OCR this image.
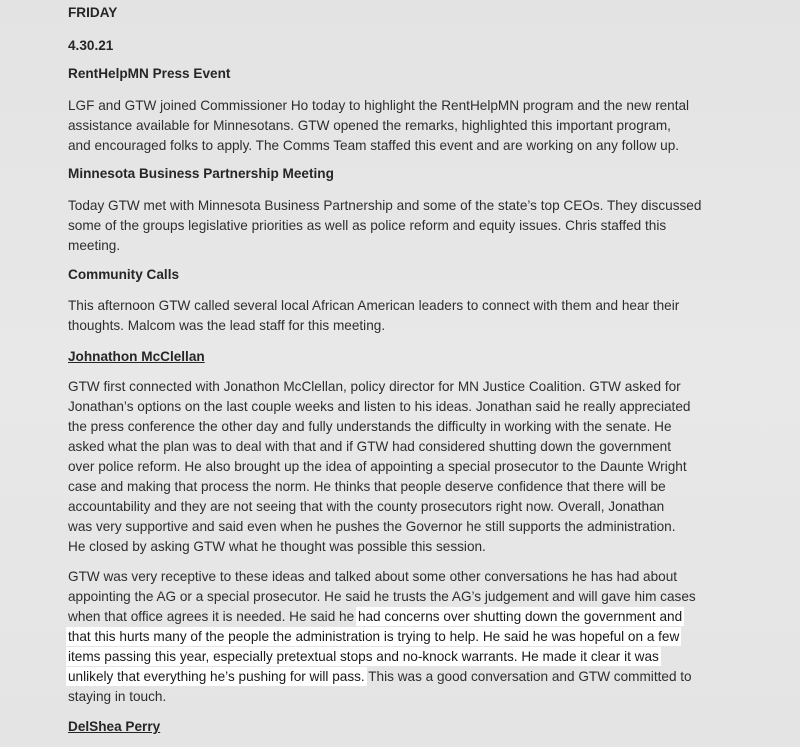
FRIDAY
4.30.21
RentHelpMN Press Event
LGF and GTW joined Commissioner Ho today to highlight the RentHelpMN program and the new rental
assistance available for Minnesotans. GTW opened the remarks, highlighted this important program,
and encouraged folks to apply. The Comms Team staffed this event and are working on any follow up.
Minnesota Business Partnership Meeting
Today GTW met with Minnesota Business Partnership and some of the state’s top CEOs. They discussed
some of the groups legislative priorities as well as police reform and equity issues. Chris staffed this
meeting.
Community Calls
This afternoon GTW called several local African American leaders to connect with them and hear their
thoughts. Malcom was the lead staff for this meeting.
Johnathon McClellan
GTW first connected with Jonathon McClellan, policy director for MN Justice Coalition. GTW asked for
Jonathan’s options on the last couple weeks and listen to his ideas. Jonathan said he really appreciated
the press conference the other day and fully understands the difficulty in working with the senate. He
asked what the plan was to deal with that and if GTW had considered shutting down the government
over police reform. He also brought up the idea of appointing a special prosecutor to the Daunte Wright
case and making that process the norm. He thinks that people deserve confidence that there will be
accountability and they are not seeing that with the county prosecutors right now. Overall, Jonathan
was very supportive and said even when he pushes the Governor he still supports the administration.
He closed by asking GTW what he thought was possible this session.
GTW was very receptive to these ideas and talked about some other conversations he has had about
appointing the AG or a special prosecutor. He said he trusts the AG’s judgement and will gave him cases
when that office agrees it is needed. He said he had concerns over shutting down the government and
that this hurts many of the people the administration is trying to help. He said he was hopeful on a few
items passing this year, especially pretextual stops and no-knock warrants. He made it clear it was
unlikely that everything he’s pushing for will pass. This was a good conversation and GTW committed to
staying in touch.
DelShea Perry
